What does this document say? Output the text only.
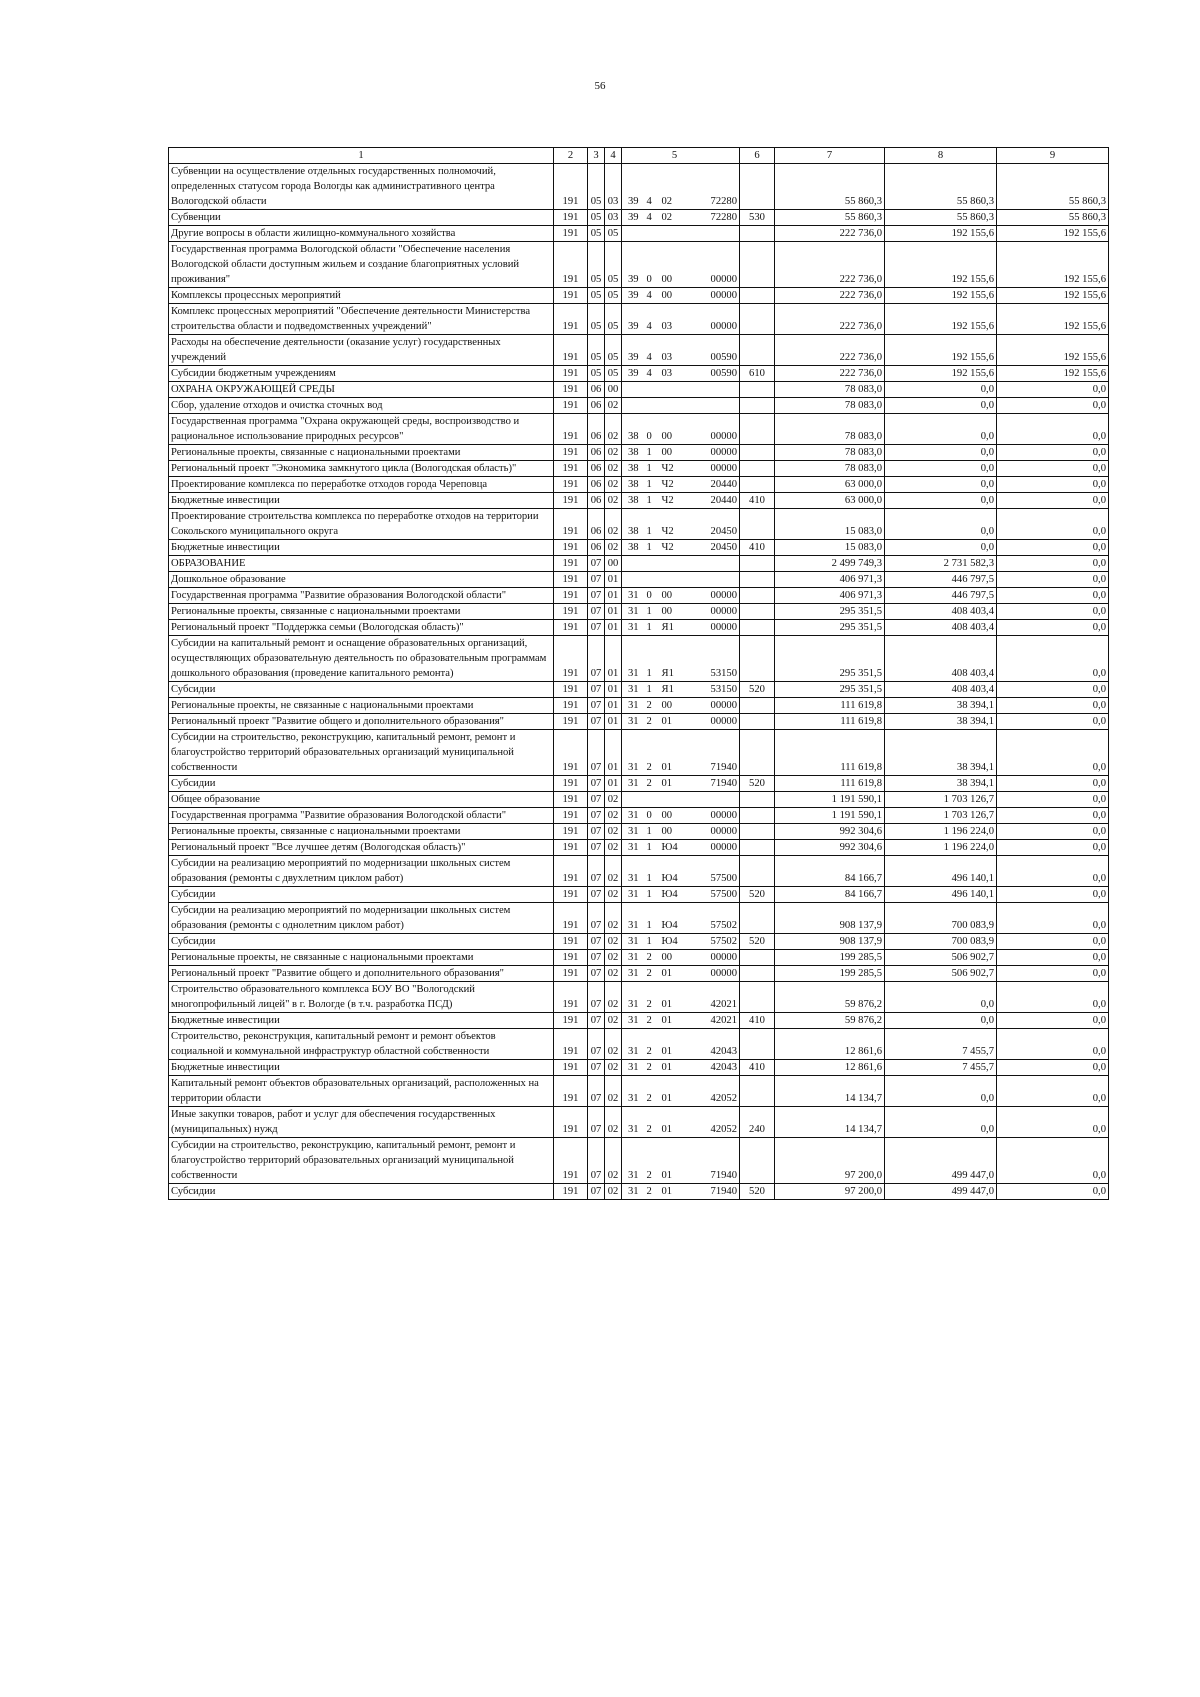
56
1	2	3	4			5		6	7	8	9
Субвенции на осуществление отдельных государственных полномочий, определенных статусом города Вологды как административного центра Вологодской области	191	05	03	39	4	02	72280		55 860,3	55 860,3	55 860,3
Субвенции	191	05	03	39	4	02	72280	530	55 860,3	55 860,3	55 860,3
Другие вопросы в области жилищно-коммунального хозяйства	191	05	05						222 736,0	192 155,6	192 155,6
Государственная программа Вологодской области "Обеспечение населения Вологодской области доступным жильем и создание благоприятных условий проживания"	191	05	05	39	0	00	00000		222 736,0	192 155,6	192 155,6
Комплексы процессных мероприятий	191	05	05	39	4	00	00000		222 736,0	192 155,6	192 155,6
Комплекс процессных мероприятий "Обеспечение деятельности Министерства строительства области и подведомственных учреждений"	191	05	05	39	4	03	00000		222 736,0	192 155,6	192 155,6
Расходы на обеспечение деятельности (оказание услуг) государственных учреждений	191	05	05	39	4	03	00590		222 736,0	192 155,6	192 155,6
Субсидии бюджетным учреждениям	191	05	05	39	4	03	00590	610	222 736,0	192 155,6	192 155,6
ОХРАНА ОКРУЖАЮЩЕЙ СРЕДЫ	191	06	00						78 083,0	0,0	0,0
Сбор, удаление отходов и очистка сточных вод	191	06	02						78 083,0	0,0	0,0
Государственная программа "Охрана окружающей среды, воспроизводство и рациональное использование природных ресурсов"	191	06	02	38	0	00	00000		78 083,0	0,0	0,0
Региональные проекты, связанные с национальными проектами	191	06	02	38	1	00	00000		78 083,0	0,0	0,0
Региональный проект "Экономика замкнутого цикла (Вологодская область)"	191	06	02	38	1	Ч2	00000		78 083,0	0,0	0,0
Проектирование комплекса по переработке отходов города Череповца	191	06	02	38	1	Ч2	20440		63 000,0	0,0	0,0
Бюджетные инвестиции	191	06	02	38	1	Ч2	20440	410	63 000,0	0,0	0,0
Проектирование строительства комплекса по переработке отходов на территории Сокольского муниципального округа	191	06	02	38	1	Ч2	20450		15 083,0	0,0	0,0
Бюджетные инвестиции	191	06	02	38	1	Ч2	20450	410	15 083,0	0,0	0,0
ОБРАЗОВАНИЕ	191	07	00						2 499 749,3	2 731 582,3	0,0
Дошкольное образование	191	07	01						406 971,3	446 797,5	0,0
Государственная программа "Развитие образования Вологодской области"	191	07	01	31	0	00	00000		406 971,3	446 797,5	0,0
Региональные проекты, связанные с национальными проектами	191	07	01	31	1	00	00000		295 351,5	408 403,4	0,0
Региональный проект "Поддержка семьи (Вологодская область)"	191	07	01	31	1	Я1	00000		295 351,5	408 403,4	0,0
Субсидии на капитальный ремонт и оснащение образовательных организаций, осуществляющих образовательную деятельность по образовательным программам дошкольного образования (проведение капитального ремонта)	191	07	01	31	1	Я1	53150		295 351,5	408 403,4	0,0
Субсидии	191	07	01	31	1	Я1	53150	520	295 351,5	408 403,4	0,0
Региональные проекты, не связанные с национальными проектами	191	07	01	31	2	00	00000		111 619,8	38 394,1	0,0
Региональный проект "Развитие общего и дополнительного образования"	191	07	01	31	2	01	00000		111 619,8	38 394,1	0,0
Субсидии на строительство, реконструкцию, капитальный ремонт, ремонт и благоустройство территорий образовательных организаций муниципальной собственности	191	07	01	31	2	01	71940		111 619,8	38 394,1	0,0
Субсидии	191	07	01	31	2	01	71940	520	111 619,8	38 394,1	0,0
Общее образование	191	07	02						1 191 590,1	1 703 126,7	0,0
Государственная программа "Развитие образования Вологодской области"	191	07	02	31	0	00	00000		1 191 590,1	1 703 126,7	0,0
Региональные проекты, связанные с национальными проектами	191	07	02	31	1	00	00000		992 304,6	1 196 224,0	0,0
Региональный проект "Все лучшее детям (Вологодская область)"	191	07	02	31	1	Ю4	00000		992 304,6	1 196 224,0	0,0
Субсидии на реализацию мероприятий по модернизации школьных систем образования (ремонты с двухлетним циклом работ)	191	07	02	31	1	Ю4	57500		84 166,7	496 140,1	0,0
Субсидии	191	07	02	31	1	Ю4	57500	520	84 166,7	496 140,1	0,0
Субсидии на реализацию мероприятий по модернизации школьных систем образования (ремонты с однолетним циклом работ)	191	07	02	31	1	Ю4	57502		908 137,9	700 083,9	0,0
Субсидии	191	07	02	31	1	Ю4	57502	520	908 137,9	700 083,9	0,0
Региональные проекты, не связанные с национальными проектами	191	07	02	31	2	00	00000		199 285,5	506 902,7	0,0
Региональный проект "Развитие общего и дополнительного образования"	191	07	02	31	2	01	00000		199 285,5	506 902,7	0,0
Строительство образовательного комплекса БОУ ВО "Вологодский многопрофильный лицей" в г. Вологде (в т.ч. разработка ПСД)	191	07	02	31	2	01	42021		59 876,2	0,0	0,0
Бюджетные инвестиции	191	07	02	31	2	01	42021	410	59 876,2	0,0	0,0
Строительство, реконструкция, капитальный ремонт и ремонт объектов социальной и коммунальной инфраструктур областной собственности	191	07	02	31	2	01	42043		12 861,6	7 455,7	0,0
Бюджетные инвестиции	191	07	02	31	2	01	42043	410	12 861,6	7 455,7	0,0
Капитальный ремонт объектов образовательных организаций, расположенных на территории области	191	07	02	31	2	01	42052		14 134,7	0,0	0,0
Иные закупки товаров, работ и услуг для обеспечения государственных (муниципальных) нужд	191	07	02	31	2	01	42052	240	14 134,7	0,0	0,0
Субсидии на строительство, реконструкцию, капитальный ремонт, ремонт и благоустройство территорий образовательных организаций муниципальной собственности	191	07	02	31	2	01	71940		97 200,0	499 447,0	0,0
Субсидии	191	07	02	31	2	01	71940	520	97 200,0	499 447,0	0,0
